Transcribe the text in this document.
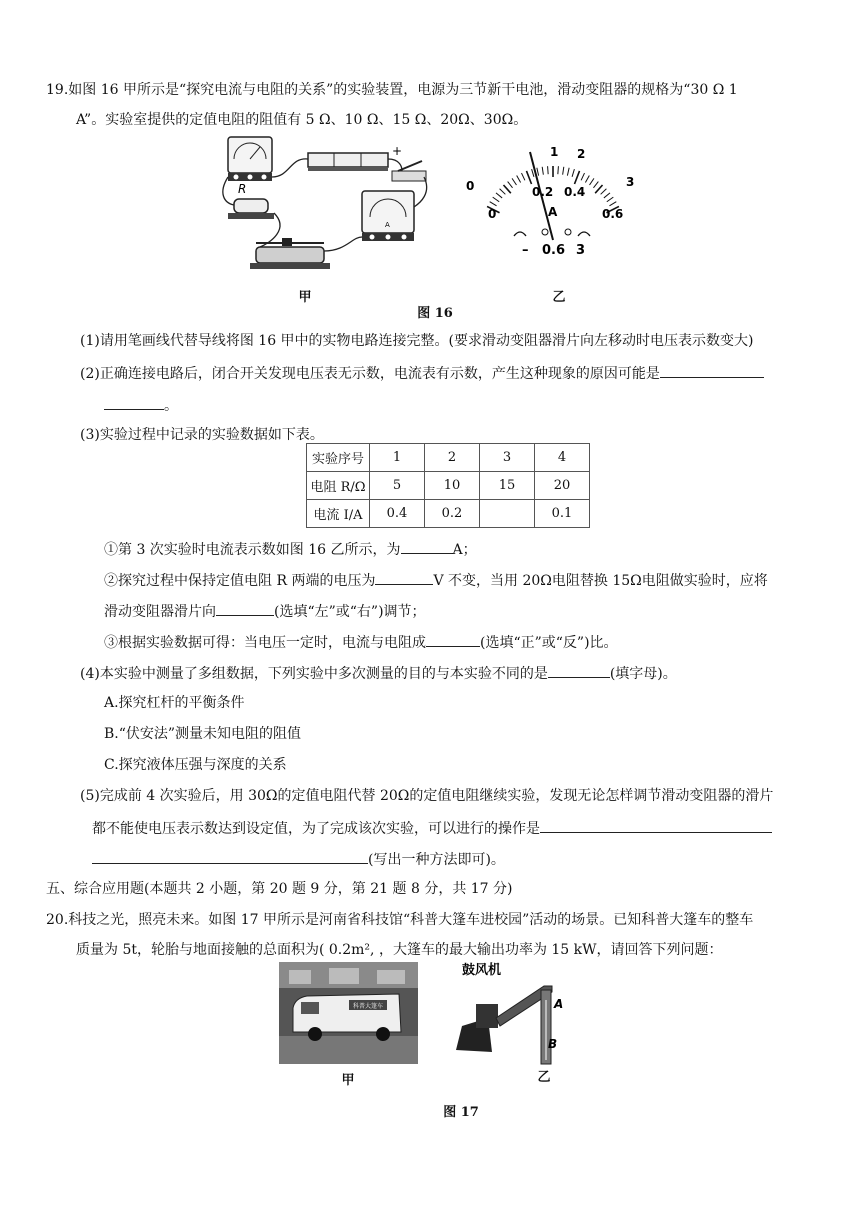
19.如图 16 甲所示是“探究电流与电阻的关系”的实验装置，电源为三节新干电池，滑动变阻器的规格为“30 Ω 1
A”。实验室提供的定值电阻的阻值有 5 Ω、10 Ω、15 Ω、20Ω、30Ω。
R
+
A
甲
1 2
3
0
0
0.2 0.4
0.6
A
– 0.6 3
乙
图 16
(1)请用笔画线代替导线将图 16 甲中的实物电路连接完整。(要求滑动变阻器滑片向左移动时电压表示数变大)
(2)正确连接电路后，闭合开关发现电压表无示数，电流表有示数，产生这种现象的原因可能是
。
(3)实验过程中记录的实验数据如下表。
实验序号	1	2	3	4
电阻 R/Ω	5	10	15	20
电流 I/A	0.4	0.2		0.1
①第 3 次实验时电流表示数如图 16 乙所示，为	A；
②探究过程中保持定值电阻 R 两端的电压为	V 不变，当用 20Ω电阻替换 15Ω电阻做实验时，应将
滑动变阻器滑片向	(选填“左”或“右”)调节；
③根据实验数据可得：当电压一定时，电流与电阻成	(选填“正”或“反”)比。
(4)本实验中测量了多组数据，下列实验中多次测量的目的与本实验不同的是	(填字母)。
A.探究杠杆的平衡条件
B.“伏安法”测量未知电阻的阻值
C.探究液体压强与深度的关系
(5)完成前 4 次实验后，用 30Ω的定值电阻代替 20Ω的定值电阻继续实验，发现无论怎样调节滑动变阻器的滑片
都不能使电压表示数达到设定值，为了完成该次实验，可以进行的操作是
(写出一种方法即可)。
五、综合应用题(本题共 2 小题，第 20 题 9 分，第 21 题 8 分，共 17 分)
20.科技之光，照亮未来。如图 17 甲所示是河南省科技馆“科普大篷车进校园”活动的场景。已知科普大篷车的整车
质量为 5t，轮胎与地面接触的总面积为( 0.2m², ，大篷车的最大输出功率为 15 kW，请回答下列问题：
科普大篷车
甲
鼓风机
A
B
乙
图 17
